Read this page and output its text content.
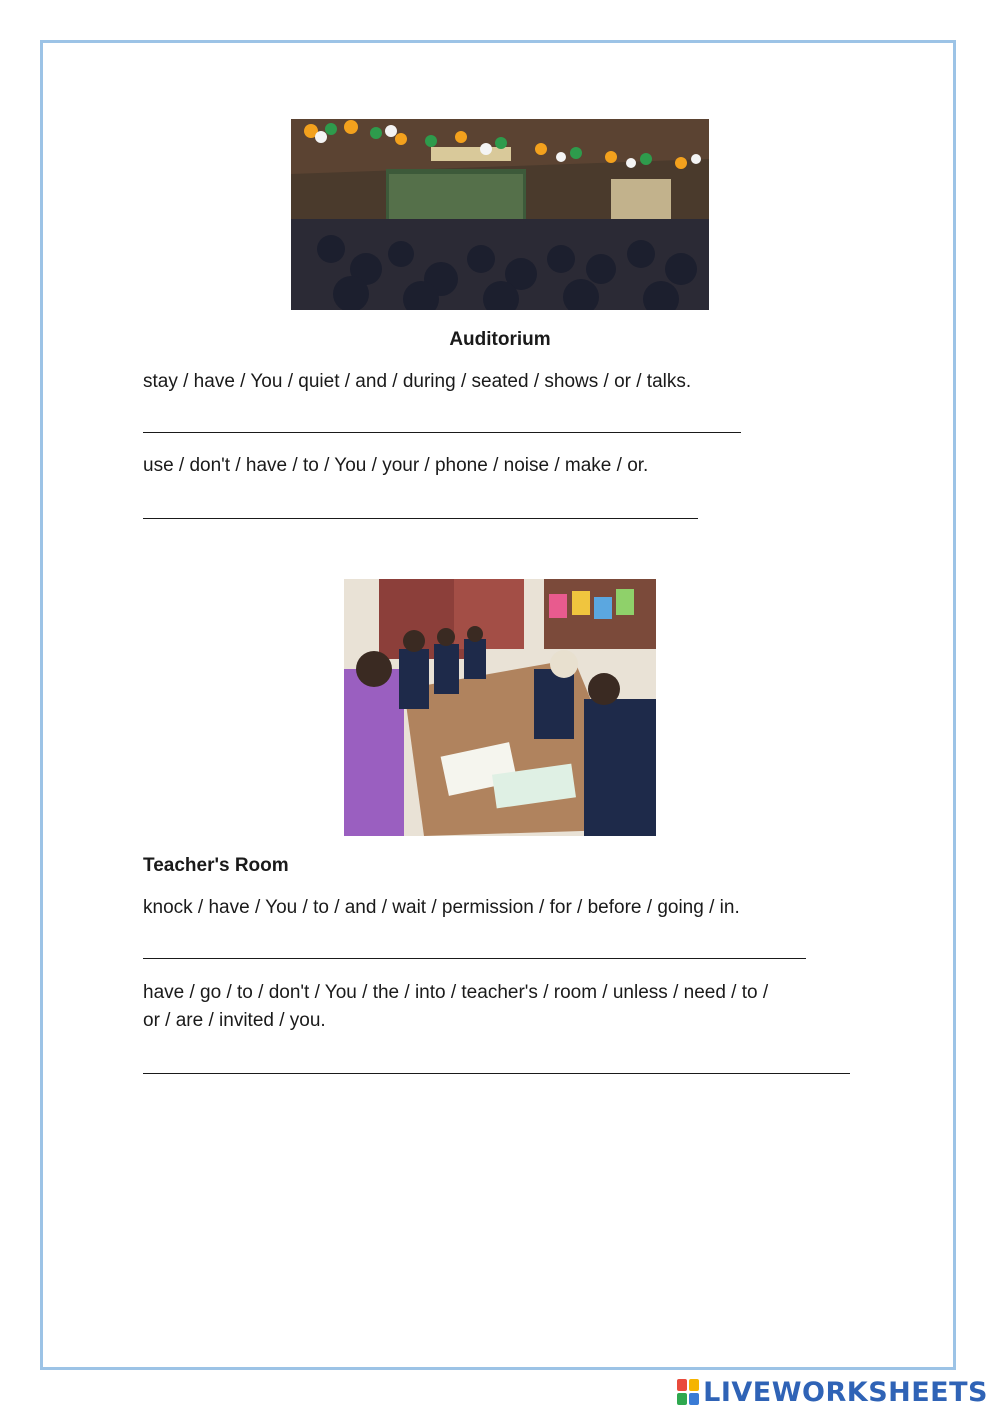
Auditorium
stay / have / You / quiet / and / during / seated / shows / or / talks.
use / don't / have / to / You / your / phone / noise / make / or.
Teacher's Room
knock / have / You / to / and / wait / permission / for / before / going / in.
have / go / to / don't / You / the / into / teacher's / room / unless / need / to /
or / are / invited / you.
LIVEWORKSHEETS
